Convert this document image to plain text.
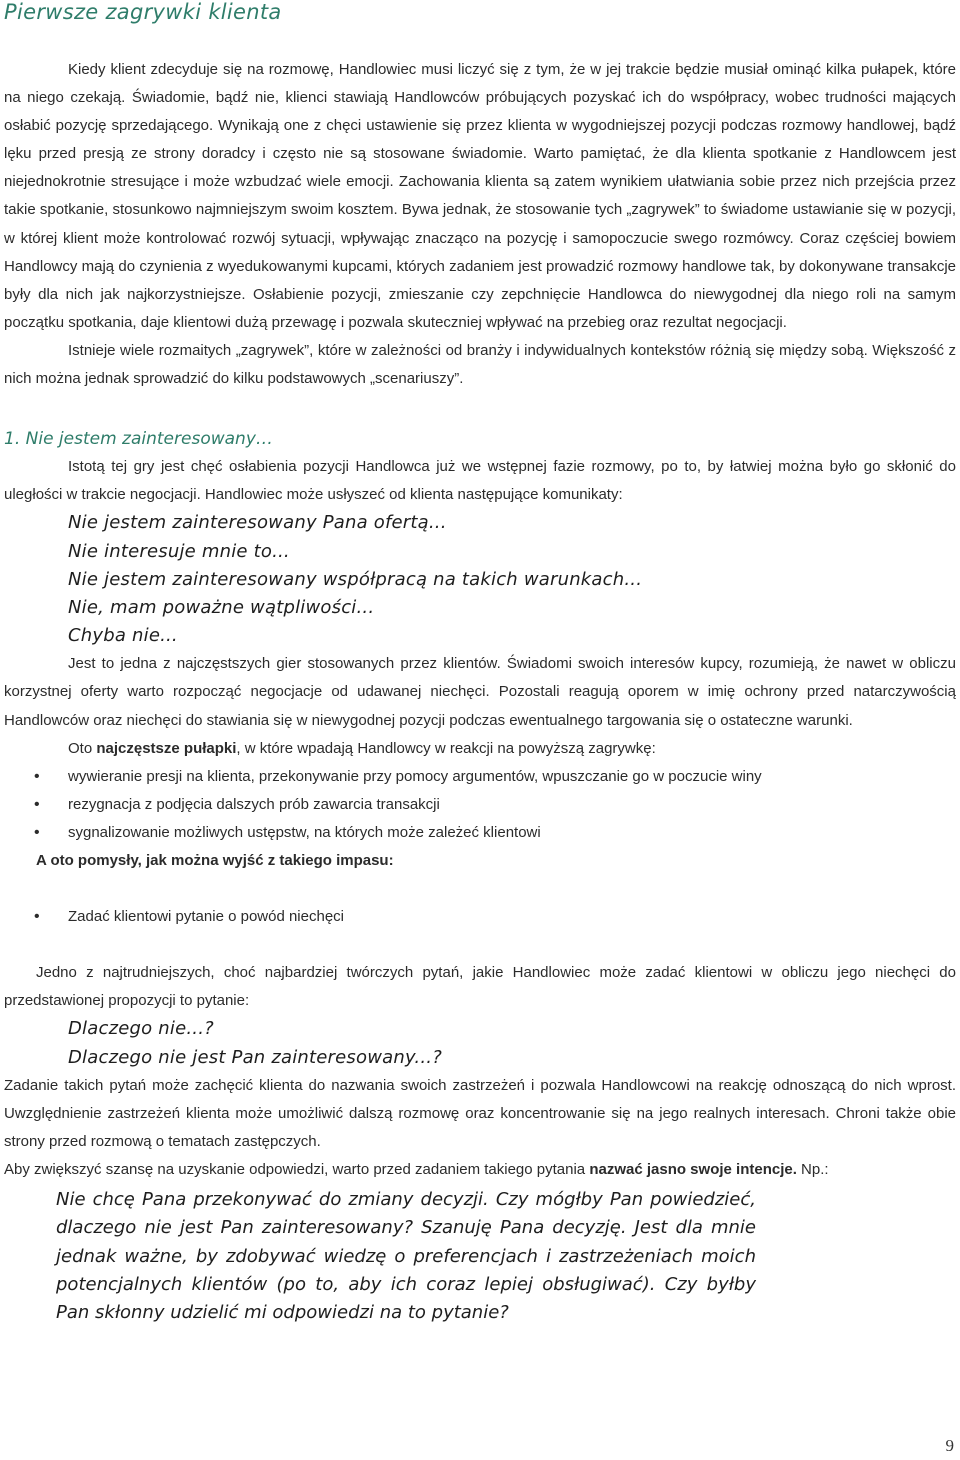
Pierwsze zagrywki klienta

Kiedy klient zdecyduje się na rozmowę, Handlowiec musi liczyć się z tym, że w jej trakcie będzie musiał ominąć kilka pułapek, które na niego czekają. Świadomie, bądź nie, klienci stawiają Handlowców próbujących pozyskać ich do współpracy, wobec trudności mających osłabić pozycję sprzedającego. Wynikają one z chęci ustawienie się przez klienta w wygodniejszej pozycji podczas rozmowy handlowej, bądź lęku przed presją ze strony doradcy i często nie są stosowane świadomie. Warto pamiętać, że dla klienta spotkanie z Handlowcem jest niejednokrotnie stresujące i może wzbudzać wiele emocji. Zachowania klienta są zatem wynikiem ułatwiania sobie przez nich przejścia przez takie spotkanie, stosunkowo najmniejszym swoim kosztem. Bywa jednak, że stosowanie tych „zagrywek” to świadome ustawianie się w pozycji, w której klient może kontrolować rozwój sytuacji, wpływając znacząco na pozycję i samopoczucie swego rozmówcy. Coraz częściej bowiem Handlowcy mają do czynienia z wyedukowanymi kupcami, których zadaniem jest prowadzić rozmowy handlowe tak, by dokonywane transakcje były dla nich jak najkorzystniejsze. Osłabienie pozycji, zmieszanie czy zepchnięcie Handlowca do niewygodnej dla niego roli na samym początku spotkania, daje klientowi dużą przewagę i pozwala skuteczniej wpływać na przebieg oraz rezultat negocjacji.

Istnieje wiele rozmaitych „zagrywek”, które w zależności od branży i indywidualnych kontekstów różnią się między sobą. Większość z nich można jednak sprowadzić do kilku podstawowych „scenariuszy”.

1. Nie jestem zainteresowany…

Istotą tej gry jest chęć osłabienia pozycji Handlowca już we wstępnej fazie rozmowy, po to, by łatwiej można było go skłonić do uległości w trakcie negocjacji. Handlowiec może usłyszeć od klienta następujące komunikaty:

Nie jestem zainteresowany Pana ofertą...
Nie interesuje mnie to...
Nie jestem zainteresowany współpracą na takich warunkach...
Nie, mam poważne wątpliwości...
Chyba nie...

Jest to jedna z najczęstszych gier stosowanych przez klientów. Świadomi swoich interesów kupcy, rozumieją, że nawet w obliczu korzystnej oferty warto rozpocząć negocjacje od udawanej niechęci. Pozostali reagują oporem w imię ochrony przed natarczywością Handlowców oraz niechęci do stawiania się w niewygodnej pozycji podczas ewentualnego targowania się o ostateczne warunki.

Oto najczęstsze pułapki, w które wpadają Handlowcy w reakcji na powyższą zagrywkę:

• wywieranie presji na klienta, przekonywanie przy pomocy argumentów, wpuszczanie go w poczucie winy
• rezygnacja z podjęcia dalszych prób zawarcia transakcji
• sygnalizowanie możliwych ustępstw, na których może zależeć klientowi

A oto pomysły, jak można wyjść z takiego impasu:

• Zadać klientowi pytanie o powód niechęci

Jedno z najtrudniejszych, choć najbardziej twórczych pytań, jakie Handlowiec może zadać klientowi w obliczu jego niechęci do przedstawionej propozycji to pytanie:

Dlaczego nie...?
Dlaczego nie jest Pan zainteresowany...?

Zadanie takich pytań może zachęcić klienta do nazwania swoich zastrzeżeń i pozwala Handlowcowi na reakcję odnoszącą do nich wprost. Uwzględnienie zastrzeżeń klienta może umożliwić dalszą rozmowę oraz koncentrowanie się na jego realnych interesach. Chroni także obie strony przed rozmową o tematach zastępczych.

Aby zwiększyć szansę na uzyskanie odpowiedzi, warto przed zadaniem takiego pytania nazwać jasno swoje intencje. Np.:

Nie chcę Pana przekonywać do zmiany decyzji. Czy mógłby Pan powiedzieć, dlaczego nie jest Pan zainteresowany? Szanuję Pana decyzję. Jest dla mnie jednak ważne, by zdobywać wiedzę o preferencjach i zastrzeżeniach moich potencjalnych klientów (po to, aby ich coraz lepiej obsługiwać). Czy byłby Pan skłonny udzielić mi odpowiedzi na to pytanie?
9
